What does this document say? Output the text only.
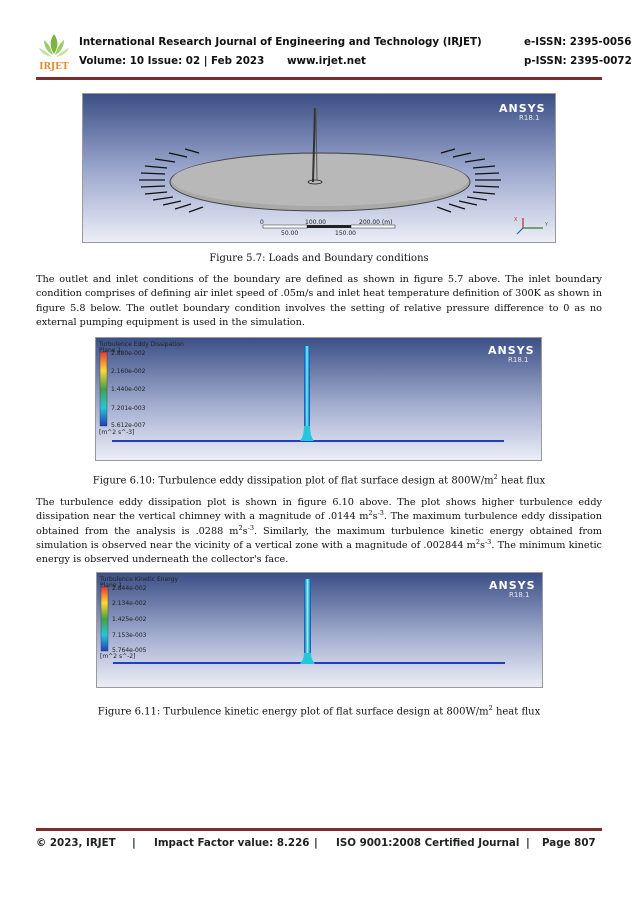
IRJET
International Research Journal of Engineering and Technology (IRJET)	e-ISSN: 2395-0056
Volume: 10 Issue: 02 | Feb 2023 www.irjet.net	p-ISSN: 2395-0072
X
Y
ANSYS
R18.1
0	100.00	200.00 (m)
50.00	150.00
Figure 5.7: Loads and Boundary conditions
The outlet and inlet conditions of the boundary are defined as shown in figure 5.7 above. The inlet boundary condition comprises of defining air inlet speed of .05m/s and inlet heat temperature definition of 300K as shown in figure 5.8 below. The outlet boundary condition involves the setting of relative pressure difference to 0 as no external pumping equipment is used in the simulation.
Turbulence Eddy Dissipation
Plane 1
2.880e-002
2.160e-002
1.440e-002
7.201e-003
5.612e-007
[m^2 s^-3]
ANSYS
R18.1
Figure 6.10: Turbulence eddy dissipation plot of flat surface design at $800W/m^2$ heat flux
The turbulence eddy dissipation plot is shown in figure 6.10 above. The plot shows higher turbulence eddy dissipation near the vertical chimney with a magnitude of .0144 $m^2s^{-3}$. The maximum turbulence eddy dissipation obtained from the analysis is .0288 $m^2s^{-3}$. Similarly, the maximum turbulence kinetic energy obtained from simulation is observed near the vicinity of a vertical zone with a magnitude of .002844 $m^2s^{-3}$. The minimum kinetic energy is observed underneath the collector's face.
Turbulence Kinetic Energy
Plane 1
2.844e-002
2.134e-002
1.425e-002
7.153e-003
5.764e-005
[m^2 s^-2]
ANSYS
R18.1
Figure 6.11: Turbulence kinetic energy plot of flat surface design at $800W/m^2$ heat flux
© 2023, IRJET | Impact Factor value: 8.226 | ISO 9001:2008 Certified Journal | Page 807
